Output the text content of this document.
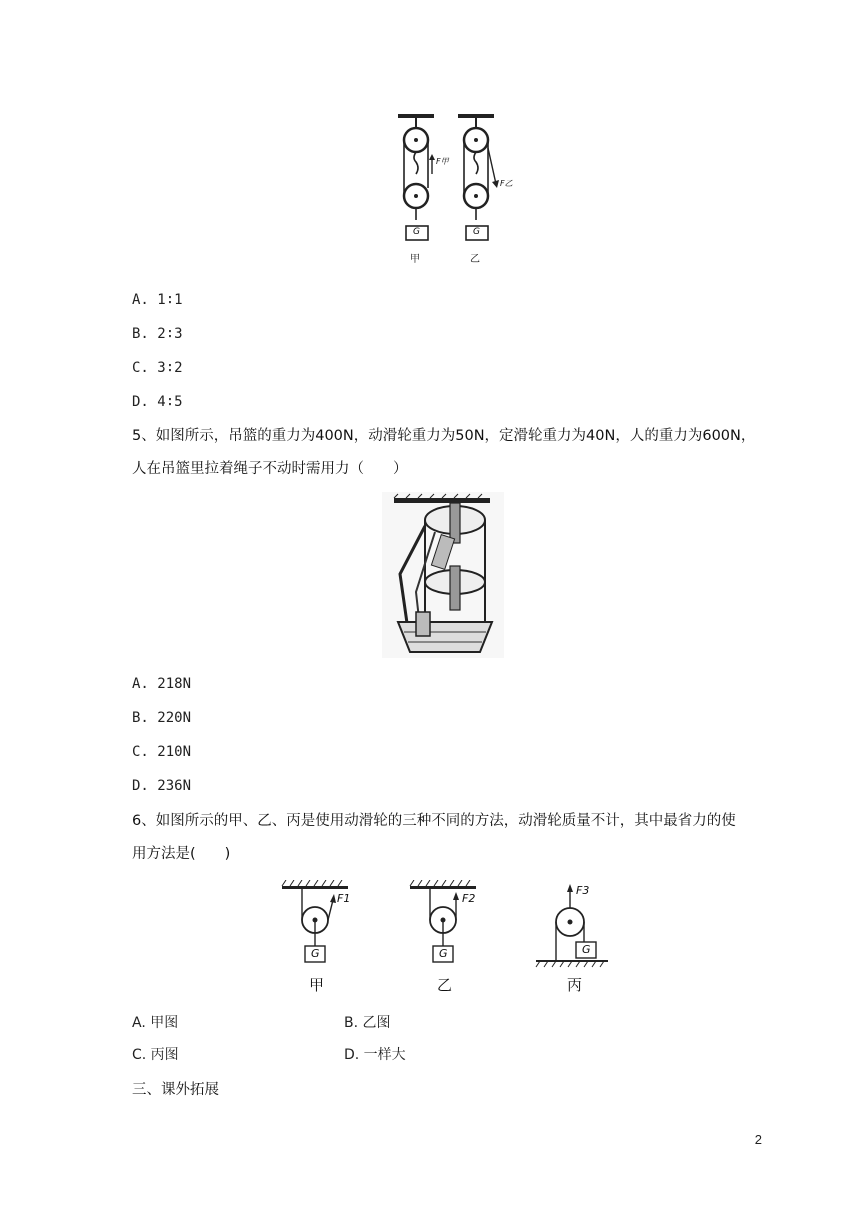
F甲
F乙
G	G
甲	乙
A. 1∶1
B. 2∶3
C. 3∶2
D. 4∶5
5、如图所示，吊篮的重力为400N，动滑轮重力为50N，定滑轮重力为40N，人的重力为600N，
人在吊篮里拉着绳子不动时需用力（　　）
A. 218N
B. 220N
C. 210N
D. 236N
6、如图所示的甲、乙、丙是使用动滑轮的三种不同的方法，动滑轮质量不计，其中最省力的使
用方法是(　　)
F1	F2
F3
G	G	G
甲	乙	丙
A. 甲图	B. 乙图
C. 丙图	D. 一样大
三、课外拓展
2
